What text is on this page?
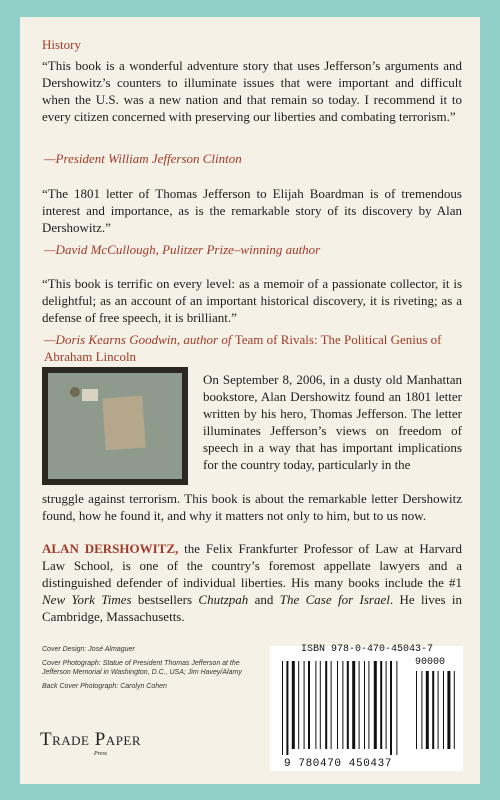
History

“This book is a wonderful adventure story that uses Jefferson’s arguments and Dershowitz’s counters to illuminate issues that were important and difficult when the U.S. was a new nation and that remain so today. I recommend it to every citizen concerned with preserving our liberties and combating terrorism.”

—President William Jefferson Clinton

“The 1801 letter of Thomas Jefferson to Elijah Boardman is of tremendous interest and importance, as is the remarkable story of its discovery by Alan Dershowitz.”

—David McCullough, Pulitzer Prize–winning author

“This book is terrific on every level: as a memoir of a passionate collector, it is delightful; as an account of an important historical discovery, it is riveting; as a defense of free speech, it is brilliant.”

—Doris Kearns Goodwin, author of Team of Rivals: The Political Genius of Abraham Lincoln

On September 8, 2006, in a dusty old Manhattan bookstore, Alan Dershowitz found an 1801 letter written by his hero, Thomas Jefferson. The letter illuminates Jefferson’s views on freedom of speech in a way that has important implications for the country today, particularly in the

struggle against terrorism. This book is about the remarkable letter Dershowitz found, how he found it, and why it matters not only to him, but to us now.

ALAN DERSHOWITZ, the Felix Frankfurter Professor of Law at Harvard Law School, is one of the country’s foremost appellate lawyers and a distinguished defender of individual liberties. His many books include the #1 New York Times bestsellers Chutzpah and The Case for Israel. He lives in Cambridge, Massachusetts.

Cover Design: José Almaguer

Cover Photograph: Statue of President Thomas Jefferson at the Jefferson Memorial in Washington, D.C., USA; Jim Havey/Alamy

Back Cover Photograph: Carolyn Cohen

Trade Paper
Press
ISBN 978-0-470-45043-7
90000
9 780470 450437
